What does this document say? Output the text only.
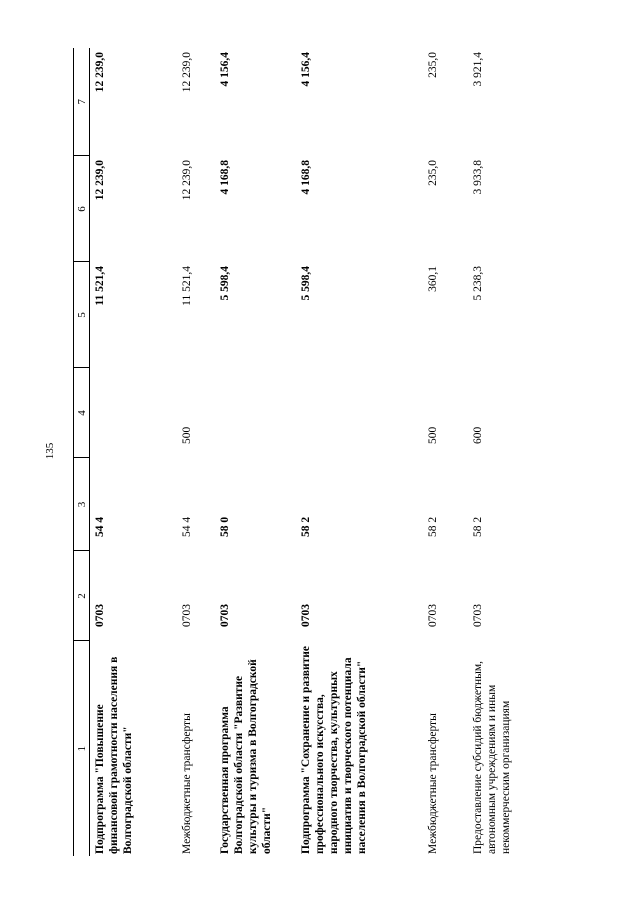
135
1	2	3	4	5	6	7
Подпрограмма "Повышение финансовой грамотности населения в Волгоградской области"	0703	54 4		11 521,4	12 239,0	12 239,0
Межбюджетные трансферты	0703	54 4	500	11 521,4	12 239,0	12 239,0
Государственная программа Волгоградской области "Развитие культуры и туризма в Волгоградской области"	0703	58 0		5 598,4	4 168,8	4 156,4
Подпрограмма "Сохранение и развитие профессионального искусства, народного творчества, культурных инициатив и творческого потенциала населения в Волгоградской области"	0703	58 2		5 598,4	4 168,8	4 156,4
Межбюджетные трансферты	0703	58 2	500	360,1	235,0	235,0
Предоставление субсидий бюджетным, автономным учреждениям и иным некоммерческим организациям	0703	58 2	600	5 238,3	3 933,8	3 921,4
